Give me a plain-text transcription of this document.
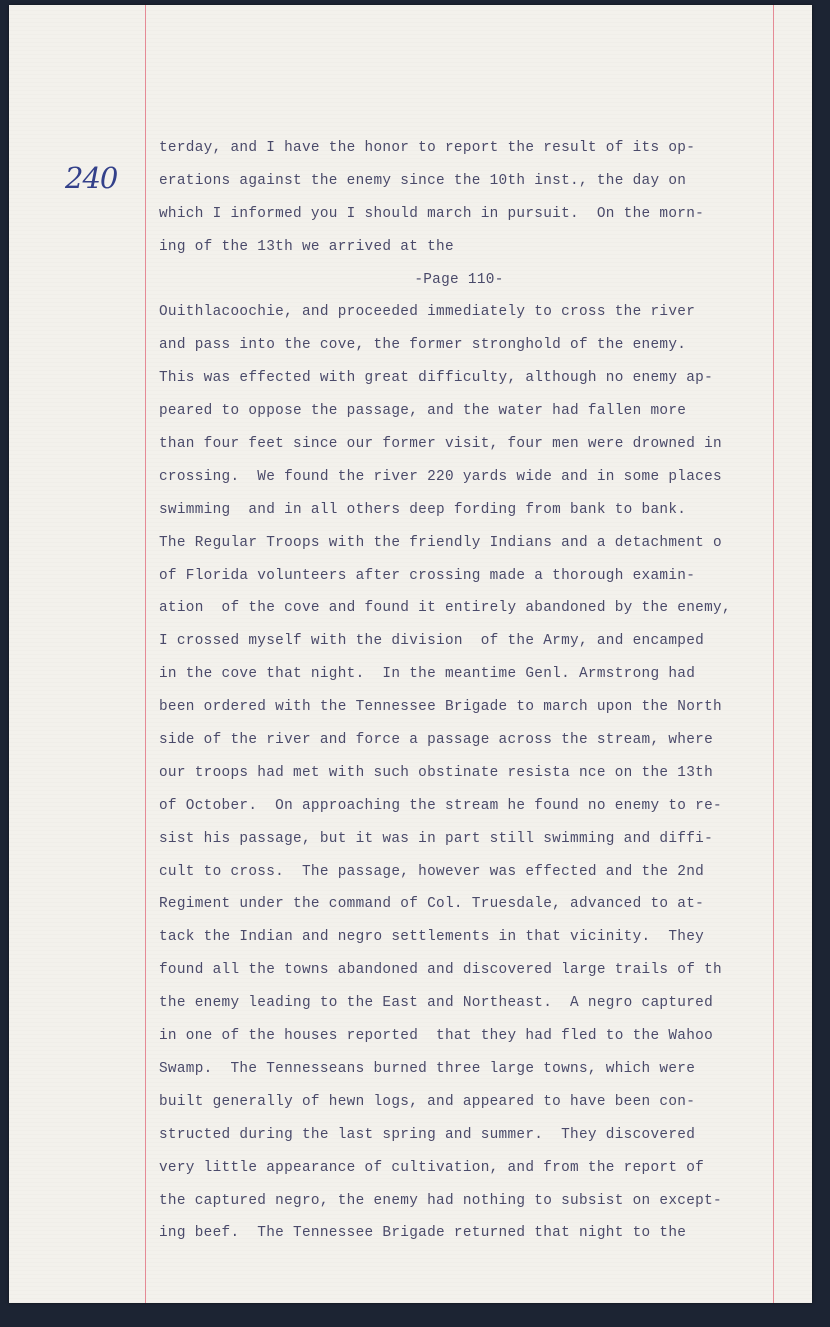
240
terday, and I have the honor to report the result of its op-
erations against the enemy since the 10th inst., the day on
which I informed you I should march in pursuit.  On the morn-
ing of the 13th we arrived at the
-Page 110-
Ouithlacoochie, and proceeded immediately to cross the river
and pass into the cove, the former stronghold of the enemy.
This was effected with great difficulty, although no enemy ap-
peared to oppose the passage, and the water had fallen more
than four feet since our former visit, four men were drowned in
crossing.  We found the river 220 yards wide and in some places
swimming  and in all others deep fording from bank to bank.
The Regular Troops with the friendly Indians and a detachment o
of Florida volunteers after crossing made a thorough examin-
ation  of the cove and found it entirely abandoned by the enemy,
I crossed myself with the division  of the Army, and encamped
in the cove that night.  In the meantime Genl. Armstrong had
been ordered with the Tennessee Brigade to march upon the North
side of the river and force a passage across the stream, where
our troops had met with such obstinate resista nce on the 13th
of October.  On approaching the stream he found no enemy to re-
sist his passage, but it was in part still swimming and diffi-
cult to cross.  The passage, however was effected and the 2nd
Regiment under the command of Col. Truesdale, advanced to at-
tack the Indian and negro settlements in that vicinity.  They
found all the towns abandoned and discovered large trails of th
the enemy leading to the East and Northeast.  A negro captured
in one of the houses reported  that they had fled to the Wahoo
Swamp.  The Tennesseans burned three large towns, which were
built generally of hewn logs, and appeared to have been con-
structed during the last spring and summer.  They discovered
very little appearance of cultivation, and from the report of
the captured negro, the enemy had nothing to subsist on except-
ing beef.  The Tennessee Brigade returned that night to the
